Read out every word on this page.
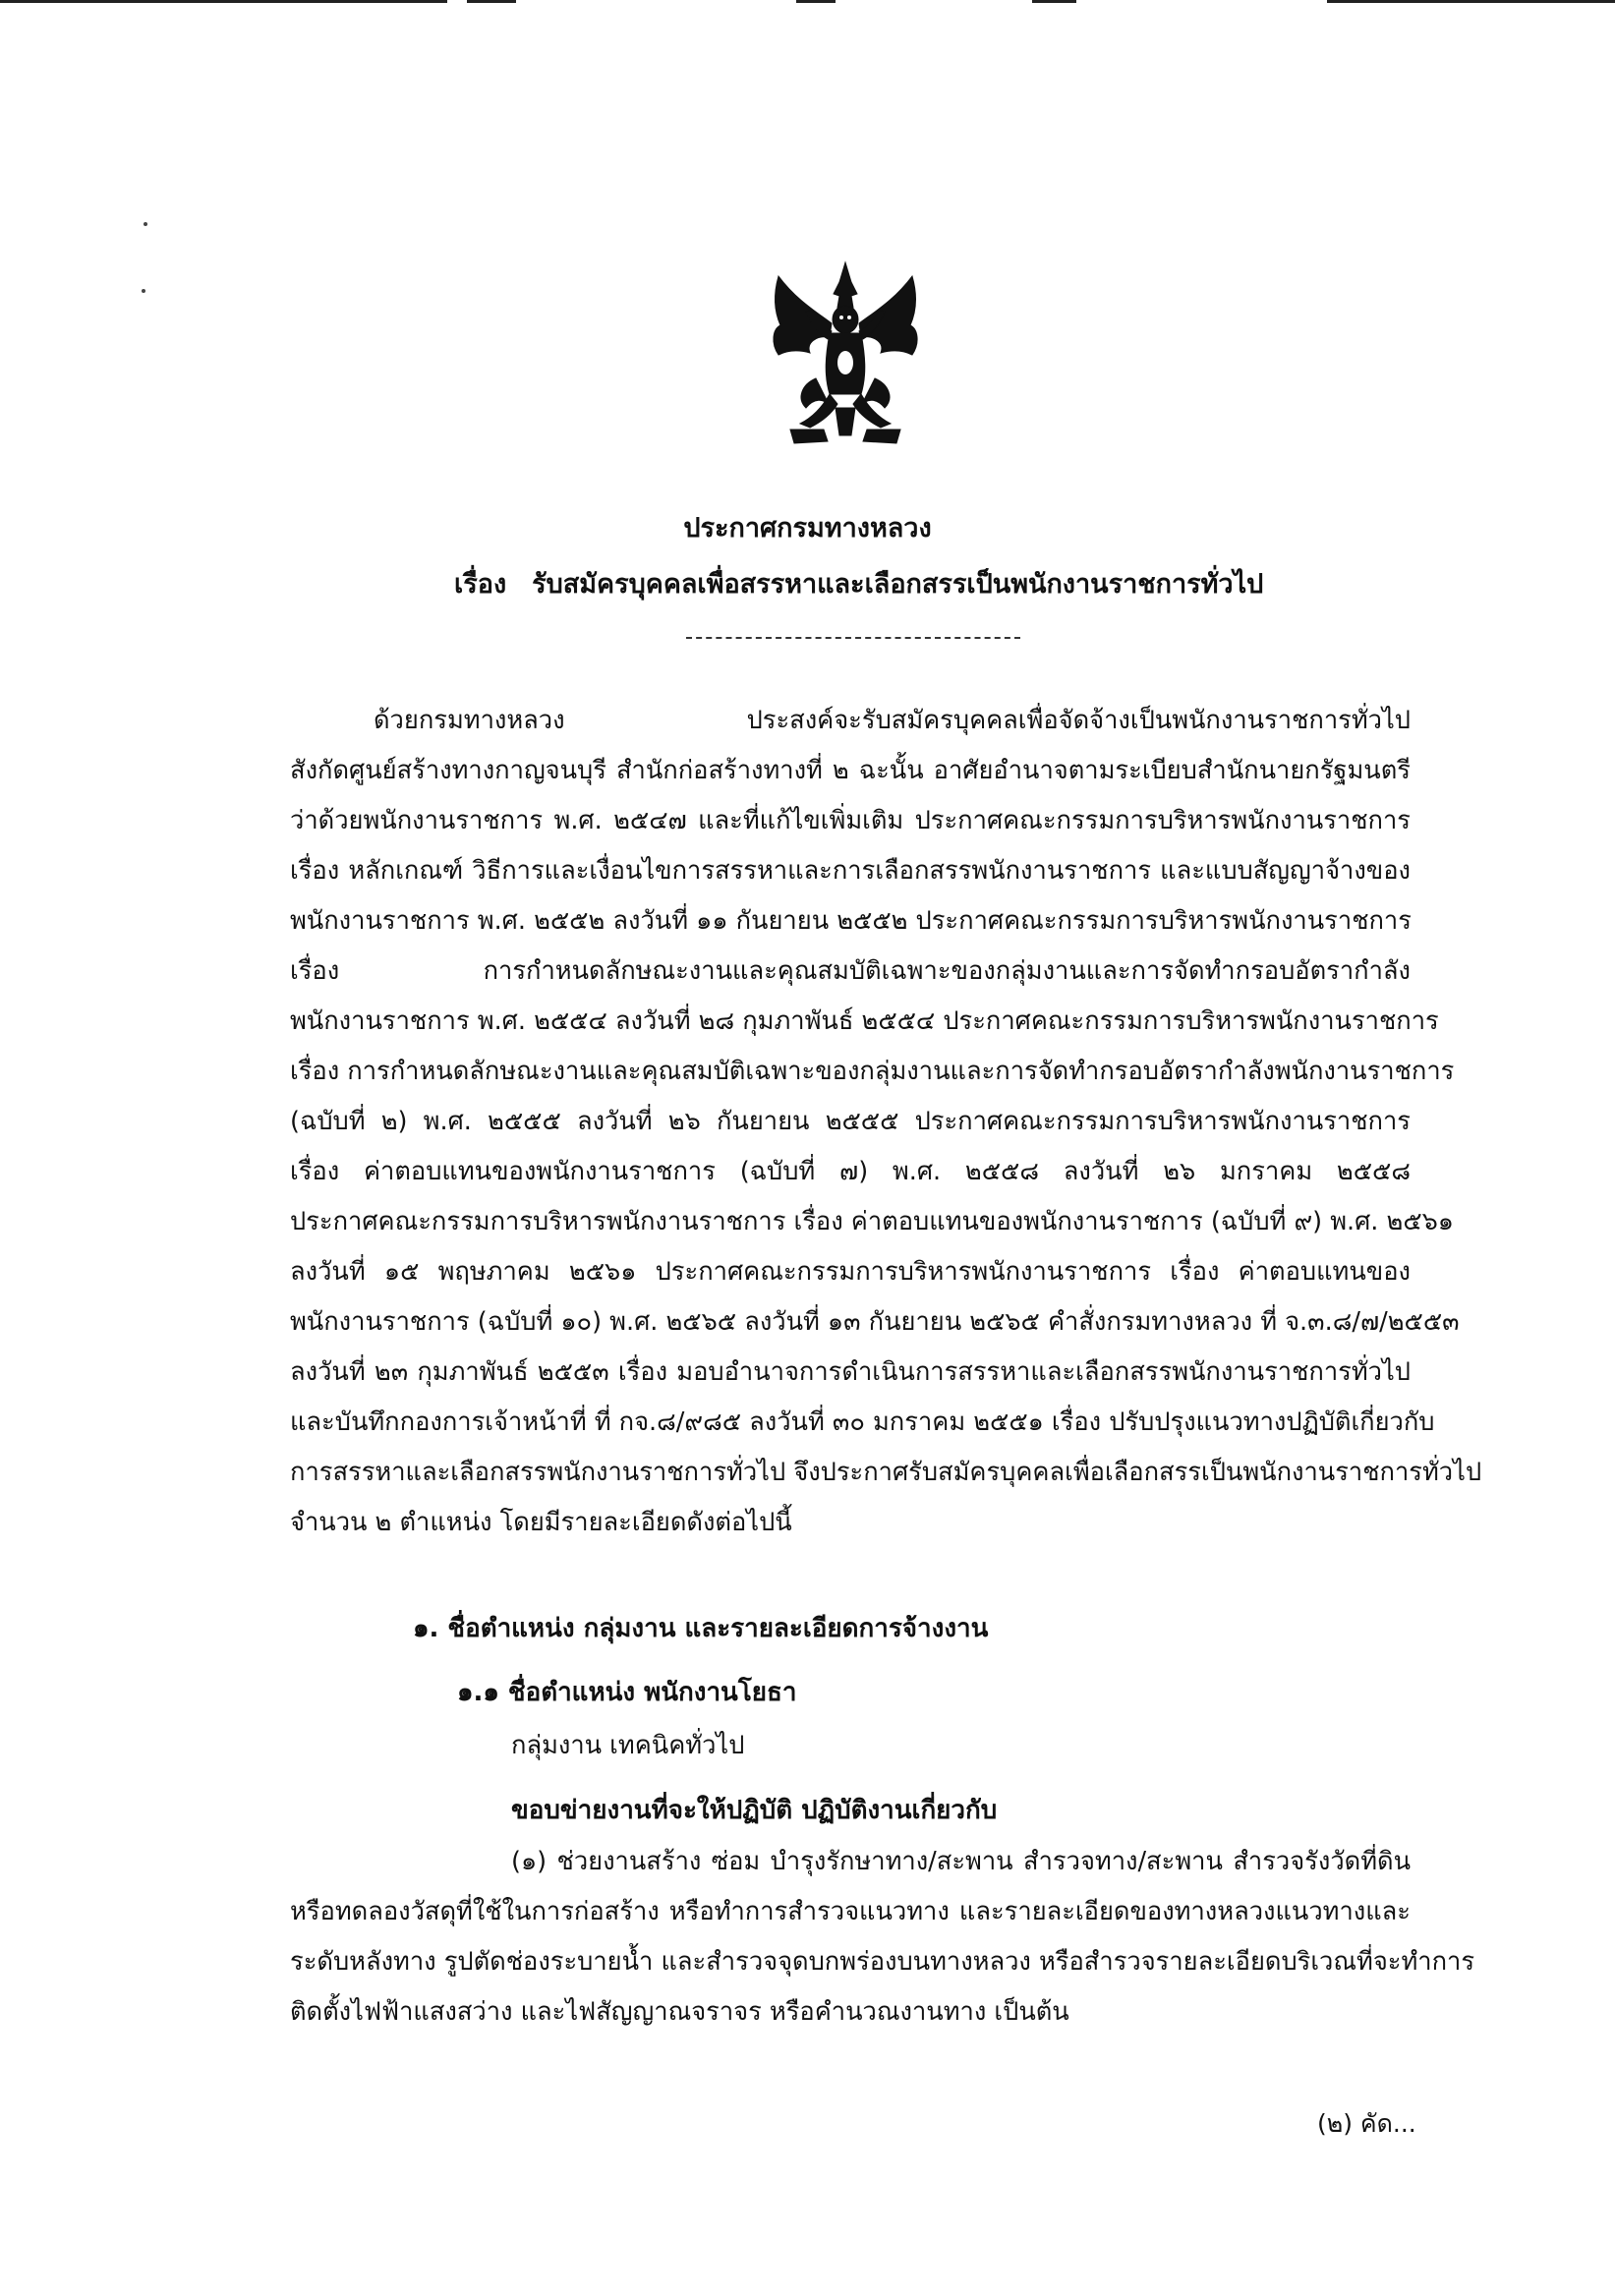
ประกาศกรมทางหลวง
เรื่อง รับสมัครบุคคลเพื่อสรรหาและเลือกสรรเป็นพนักงานราชการทั่วไป
ด้วยกรมทางหลวง ประสงค์จะรับสมัครบุคคลเพื่อจัดจ้างเป็นพนักงานราชการทั่วไป
สังกัดศูนย์สร้างทางกาญจนบุรี สำนักก่อสร้างทางที่ ๒ ฉะนั้น อาศัยอำนาจตามระเบียบสำนักนายกรัฐมนตรี
ว่าด้วยพนักงานราชการ พ.ศ. ๒๕๔๗ และที่แก้ไขเพิ่มเติม ประกาศคณะกรรมการบริหารพนักงานราชการ
เรื่อง หลักเกณฑ์ วิธีการและเงื่อนไขการสรรหาและการเลือกสรรพนักงานราชการ และแบบสัญญาจ้างของ
พนักงานราชการ พ.ศ. ๒๕๕๒ ลงวันที่ ๑๑ กันยายน ๒๕๕๒ ประกาศคณะกรรมการบริหารพนักงานราชการ
เรื่อง การกำหนดลักษณะงานและคุณสมบัติเฉพาะของกลุ่มงานและการจัดทำกรอบอัตรากำลัง
พนักงานราชการ พ.ศ. ๒๕๕๔ ลงวันที่ ๒๘ กุมภาพันธ์ ๒๕๕๔ ประกาศคณะกรรมการบริหารพนักงานราชการ
เรื่อง การกำหนดลักษณะงานและคุณสมบัติเฉพาะของกลุ่มงานและการจัดทำกรอบอัตรากำลังพนักงานราชการ
(ฉบับที่ ๒) พ.ศ. ๒๕๕๕ ลงวันที่ ๒๖ กันยายน ๒๕๕๕ ประกาศคณะกรรมการบริหารพนักงานราชการ
เรื่อง ค่าตอบแทนของพนักงานราชการ (ฉบับที่ ๗) พ.ศ. ๒๕๕๘ ลงวันที่ ๒๖ มกราคม ๒๕๕๘
ประกาศคณะกรรมการบริหารพนักงานราชการ เรื่อง ค่าตอบแทนของพนักงานราชการ (ฉบับที่ ๙) พ.ศ. ๒๕๖๑
ลงวันที่ ๑๕ พฤษภาคม ๒๕๖๑ ประกาศคณะกรรมการบริหารพนักงานราชการ เรื่อง ค่าตอบแทนของ
พนักงานราชการ (ฉบับที่ ๑๐) พ.ศ. ๒๕๖๕ ลงวันที่ ๑๓ กันยายน ๒๕๖๕ คำสั่งกรมทางหลวง ที่ จ.๓.๘/๗/๒๕๕๓
ลงวันที่ ๒๓ กุมภาพันธ์ ๒๕๕๓ เรื่อง มอบอำนาจการดำเนินการสรรหาและเลือกสรรพนักงานราชการทั่วไป
และบันทึกกองการเจ้าหน้าที่ ที่ กจ.๘/๙๘๕ ลงวันที่ ๓๐ มกราคม ๒๕๕๑ เรื่อง ปรับปรุงแนวทางปฏิบัติเกี่ยวกับ
การสรรหาและเลือกสรรพนักงานราชการทั่วไป จึงประกาศรับสมัครบุคคลเพื่อเลือกสรรเป็นพนักงานราชการทั่วไป
จำนวน ๒ ตำแหน่ง โดยมีรายละเอียดดังต่อไปนี้
๑. ชื่อตำแหน่ง กลุ่มงาน และรายละเอียดการจ้างงาน
๑.๑ ชื่อตำแหน่ง พนักงานโยธา
กลุ่มงาน เทคนิคทั่วไป
ขอบข่ายงานที่จะให้ปฏิบัติ ปฏิบัติงานเกี่ยวกับ
(๑) ช่วยงานสร้าง ซ่อม บำรุงรักษาทาง/สะพาน สำรวจทาง/สะพาน สำรวจรังวัดที่ดิน
หรือทดลองวัสดุที่ใช้ในการก่อสร้าง หรือทำการสำรวจแนวทาง และรายละเอียดของทางหลวงแนวทางและ
ระดับหลังทาง รูปตัดช่องระบายน้ำ และสำรวจจุดบกพร่องบนทางหลวง หรือสำรวจรายละเอียดบริเวณที่จะทำการ
ติดตั้งไฟฟ้าแสงสว่าง และไฟสัญญาณจราจร หรือคำนวณงานทาง เป็นต้น
(๒) คัด...
